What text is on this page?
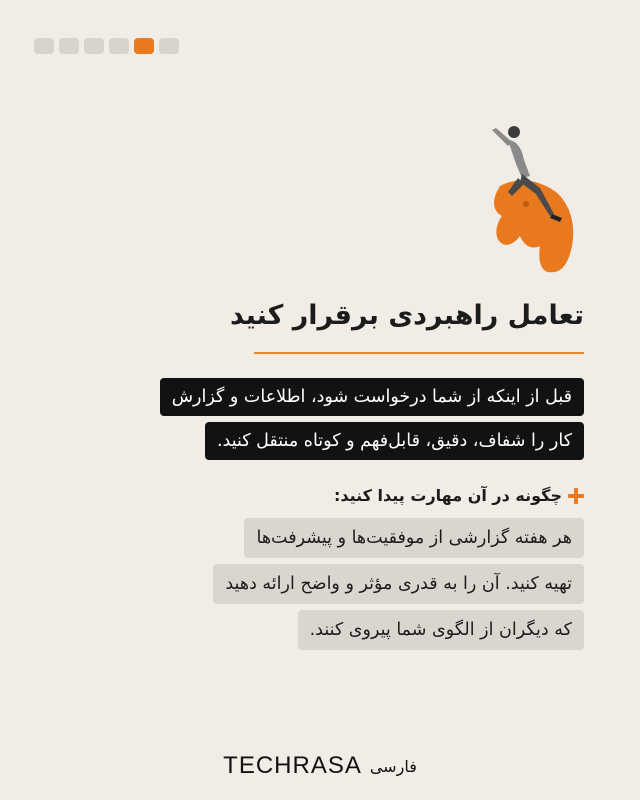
تعامل راهبردی برقرار کنید
قبل از اینکه از شما درخواست شود، اطلاعات و گزارش
کار را شفاف، دقیق، قابل‌فهم و کوتاه منتقل کنید.
چگونه در آن مهارت پیدا کنید:
هر هفته گزارشی از موفقیت‌ها و پیشرفت‌ها
تهیه کنید. آن را به قدری مؤثر و واضح ارائه دهید
که دیگران از الگوی شما پیروی کنند.
TECHRASA فارسی
